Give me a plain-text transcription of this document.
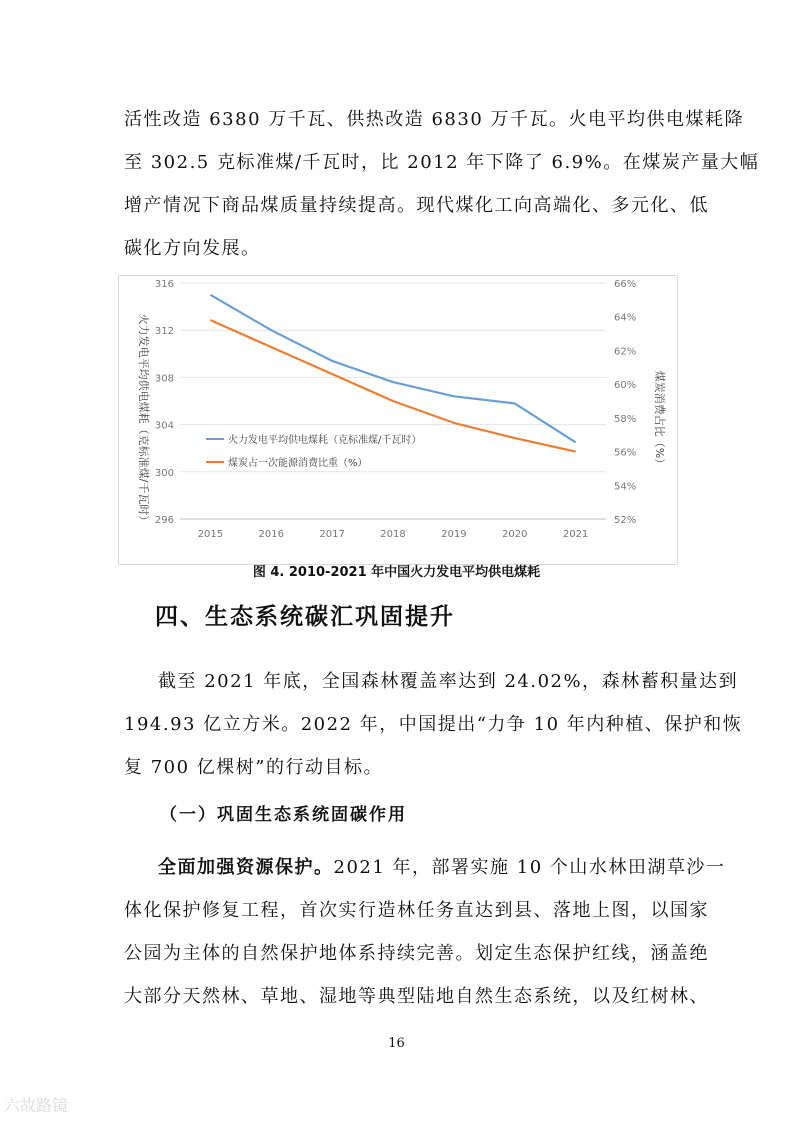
活性改造 6380 万千瓦、供热改造 6830 万千瓦。火电平均供电煤耗降
至 302.5 克标准煤/千瓦时，比 2012 年下降了 6.9%。在煤炭产量大幅
增产情况下商品煤质量持续提高。现代煤化工向高端化、多元化、低
碳化方向发展。
296
300
304
308
312
316
52%
54%
56%
58%
60%
62%
64%
66%
2015	2016	2017	2018	2019	2020	2021
火力发电平均供电煤耗（克标准煤/千瓦时）	煤炭消费占比（%）
火力发电平均供电煤耗（克标准煤/千瓦时）
煤炭占一次能源消费比重（%）
图 4. 2010-2021 年中国火力发电平均供电煤耗
四、生态系统碳汇巩固提升
截至 2021 年底，全国森林覆盖率达到 24.02%，森林蓄积量达到
194.93 亿立方米。2022 年，中国提出“力争 10 年内种植、保护和恢
复 700 亿棵树”的行动目标。
（一）巩固生态系统固碳作用
全面加强资源保护。2021 年，部署实施 10 个山水林田湖草沙一
体化保护修复工程，首次实行造林任务直达到县、落地上图，以国家
公园为主体的自然保护地体系持续完善。划定生态保护红线，涵盖绝
大部分天然林、草地、湿地等典型陆地自然生态系统，以及红树林、
16
六故路镜
